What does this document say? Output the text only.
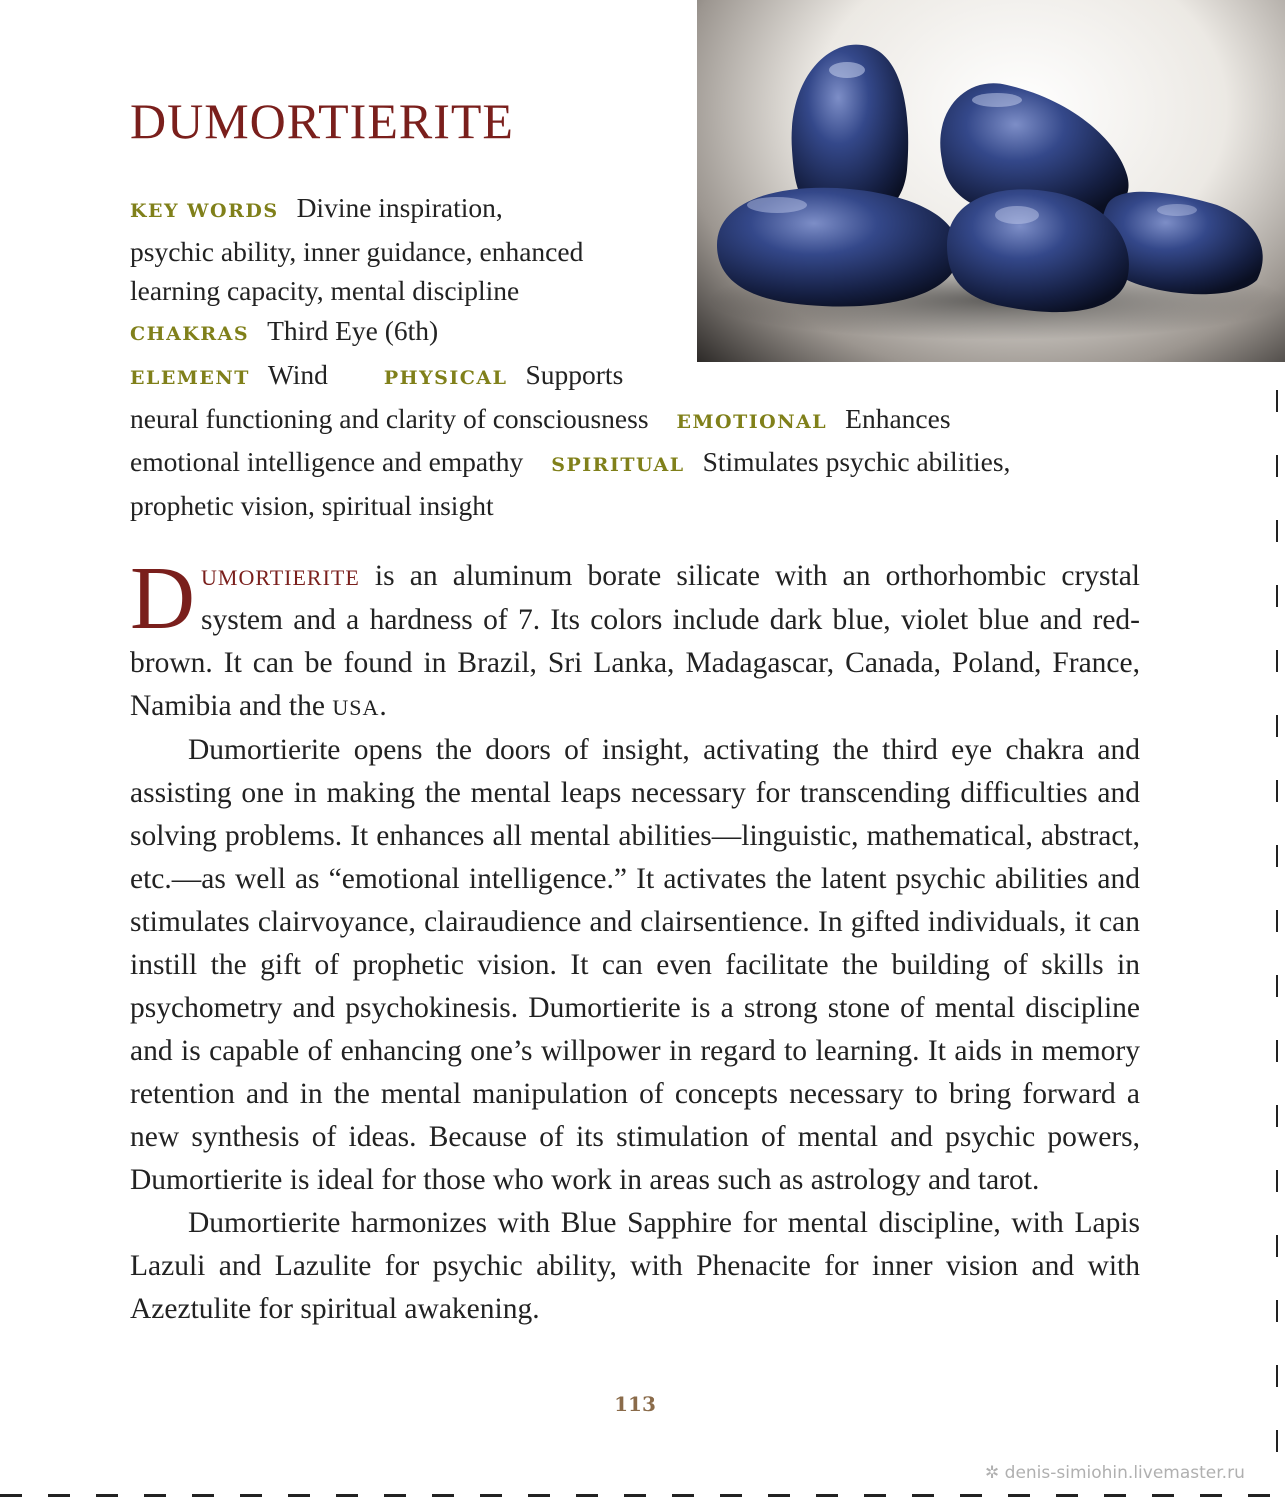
DUMORTIERITE
KEY WORDS Divine inspiration,
psychic ability, inner guidance, enhanced
learning capacity, mental discipline
CHAKRAS Third Eye (6th)
ELEMENT Wind	PHYSICAL Supports
neural functioning and clarity of consciousness EMOTIONAL Enhances
emotional intelligence and empathy SPIRITUAL Stimulates psychic abilities,
prophetic vision, spiritual insight

DUMORTIERITE is an aluminum borate silicate with an orthorhombic crystal system and a hardness of 7. Its colors include dark blue, violet blue and red-brown. It can be found in Brazil, Sri Lanka, Madagascar, Canada, Poland, France, Namibia and the USA.

Dumortierite opens the doors of insight, activating the third eye chakra and assisting one in making the mental leaps necessary for transcending difficulties and solving problems. It enhances all mental abilities—linguistic, mathematical, abstract, etc.—as well as “emotional intelligence.” It activates the latent psychic abilities and stimulates clairvoyance, clairaudience and clairsentience. In gifted individuals, it can instill the gift of prophetic vision. It can even facilitate the building of skills in psychometry and psychokinesis. Dumortierite is a strong stone of mental discipline and is capable of enhancing one’s willpower in regard to learning. It aids in memory retention and in the mental manipulation of concepts necessary to bring forward a new synthesis of ideas. Because of its stimulation of mental and psychic powers, Dumortierite is ideal for those who work in areas such as astrology and tarot.

Dumortierite harmonizes with Blue Sapphire for mental discipline, with Lapis Lazuli and Lazulite for psychic ability, with Phenacite for inner vision and with Azeztulite for spiritual awakening.

113
✲ denis-simiohin.livemaster.ru
